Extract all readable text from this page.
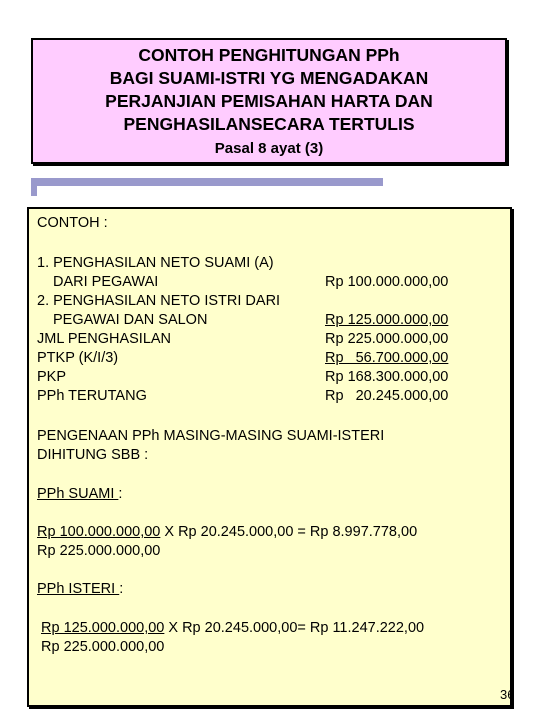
CONTOH PENGHITUNGAN PPh
BAGI SUAMI-ISTRI YG MENGADAKAN
PERJANJIAN PEMISAHAN HARTA DAN
PENGHASILANSECARA TERTULIS
Pasal 8 ayat (3)
CONTOH :
1. PENGHASILAN NETO SUAMI (A)
DARI PEGAWAI	Rp 100.000.000,00
2. PENGHASILAN NETO ISTRI DARI
PEGAWAI DAN SALON	Rp 125.000.000,00
JML PENGHASILAN	Rp 225.000.000,00
PTKP (K/I/3)	Rp   56.700.000,00
PKP	Rp 168.300.000,00
PPh TERUTANG	Rp   20.245.000,00
PENGENAAN PPh MASING-MASING SUAMI-ISTERI
DIHITUNG SBB :
PPh SUAMI :
Rp 100.000.000,00 X Rp 20.245.000,00 = Rp 8.997.778,00
Rp 225.000.000,00
PPh ISTERI :
Rp 125.000.000,00 X Rp 20.245.000,00= Rp 11.247.222,00
Rp 225.000.000,00
36
